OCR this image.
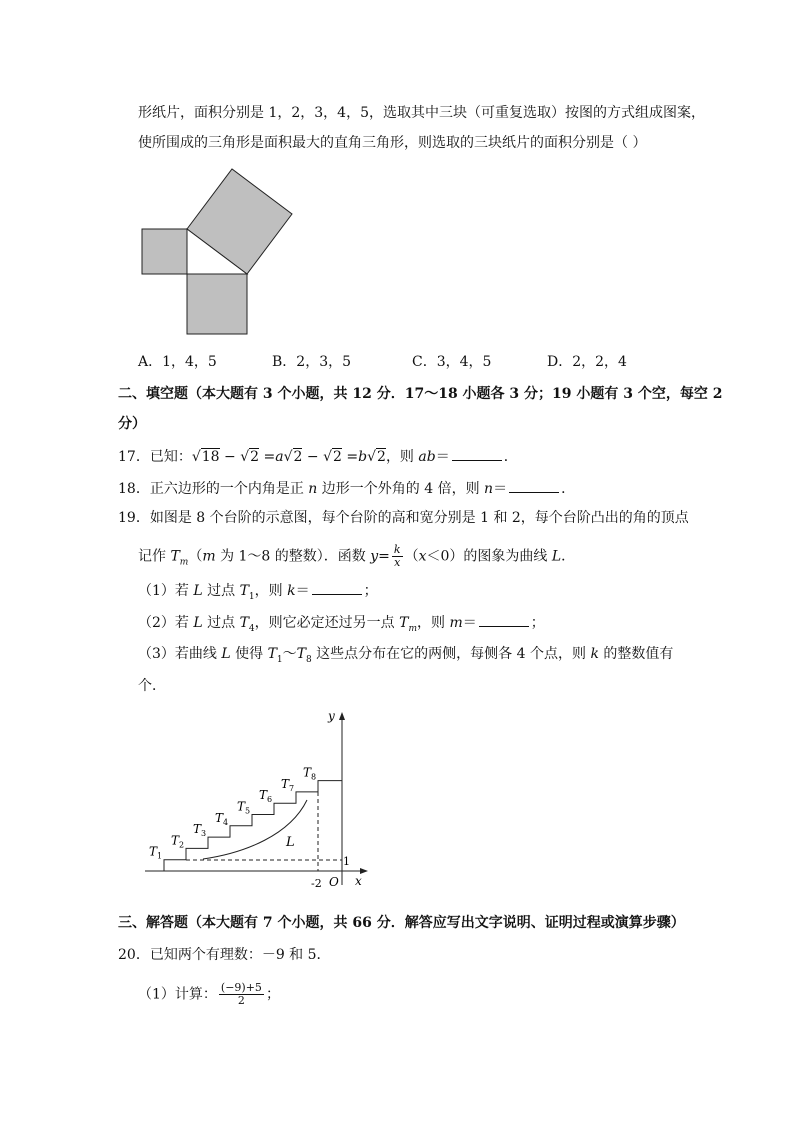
形纸片，面积分别是 1，2，3，4，5，选取其中三块（可重复选取）按图的方式组成图案，
使所围成的三角形是面积最大的直角三角形，则选取的三块纸片的面积分别是（ ）
A．1，4，5	B．2，3，5	C．3，4，5	D．2，2，4
二、填空题（本大题有 3 个小题，共 12 分．17～18 小题各 3 分；19 小题有 3 个空，每空 2
分）
17．已知：√18 − √2 =a√2 − √2 =b√2，则 ab＝	．
18．正六边形的一个内角是正 n 边形一个外角的 4 倍，则 n＝	．
19．如图是 8 个台阶的示意图，每个台阶的高和宽分别是 1 和 2，每个台阶凸出的角的顶点
记作 $T_m(m$ 为 1～8 的整数）．函数 $y= \frac{k}{x} (x<0)$的图象为曲线 L．
（1）若 L 过点 $T_1$，则 k＝	；
（2）若 L 过点 $T_4$，则它必定还过另一点 $T_m$，则 m＝	；
（3）若曲线 L 使得 $T_1\sim T_8$ 这些点分布在它的两侧，每侧各 4 个点，则 k 的整数值有
个．
y
x
O
-2
1
L
$T_1$
$T_2$
$T_3$
$T_4$
$T_5$
$T_6$
$T_7$
$T_8$
三、解答题（本大题有 7 个小题，共 66 分．解答应写出文字说明、证明过程或演算步骤）
20．已知两个有理数：－9 和 5．
（1）计算： $\frac{(-9)+5}{2}$ ；
